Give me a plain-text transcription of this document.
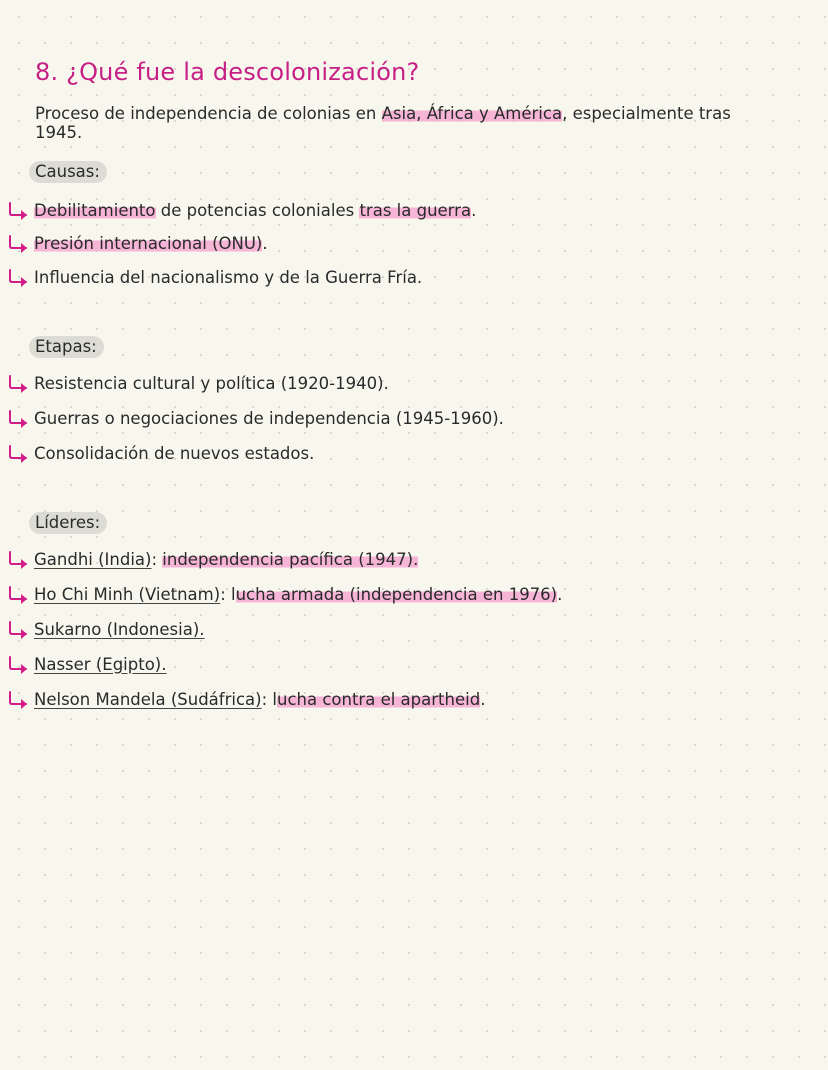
8. ¿Qué fue la descolonización?

Proceso de independencia de colonias en Asia, África y América, especialmente tras 1945.

Causas:
Debilitamiento de potencias coloniales tras la guerra.
Presión internacional (ONU).
Influencia del nacionalismo y de la Guerra Fría.
Etapas:
Resistencia cultural y política (1920-1940).
Guerras o negociaciones de independencia (1945-1960).
Consolidación de nuevos estados.
Líderes:
Gandhi (India): independencia pacífica (1947).
Ho Chi Minh (Vietnam): lucha armada (independencia en 1976).
Sukarno (Indonesia).
Nasser (Egipto).
Nelson Mandela (Sudáfrica): lucha contra el apartheid.
